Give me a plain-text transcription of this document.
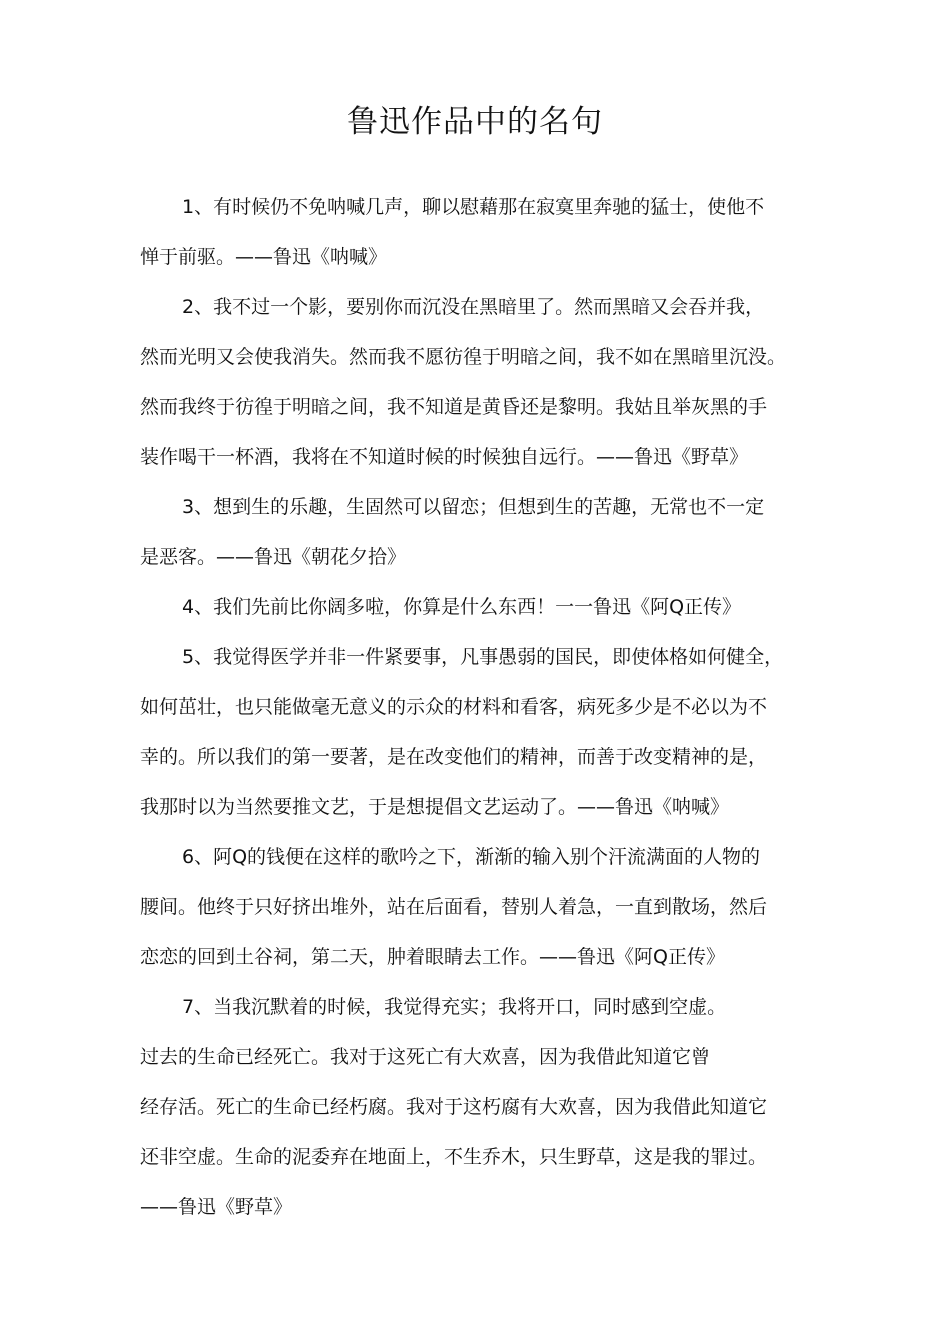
鲁迅作品中的名句
1、有时候仍不免呐喊几声，聊以慰藉那在寂寞里奔驰的猛士，使他不
惮于前驱。——鲁迅《呐喊》
2、我不过一个影，要别你而沉没在黑暗里了。然而黑暗又会吞并我，
然而光明又会使我消失。然而我不愿彷徨于明暗之间，我不如在黑暗里沉没。
然而我终于彷徨于明暗之间，我不知道是黄昏还是黎明。我姑且举灰黑的手
装作喝干一杯酒，我将在不知道时候的时候独自远行。——鲁迅《野草》
3、想到生的乐趣，生固然可以留恋；但想到生的苦趣，无常也不一定
是恶客。——鲁迅《朝花夕拾》
4、我们先前比你阔多啦，你算是什么东西！一一鲁迅《阿Q正传》
5、我觉得医学并非一件紧要事，凡事愚弱的国民，即使体格如何健全，
如何茁壮，也只能做毫无意义的示众的材料和看客，病死多少是不必以为不
幸的。所以我们的第一要著，是在改变他们的精神，而善于改变精神的是，
我那时以为当然要推文艺，于是想提倡文艺运动了。——鲁迅《呐喊》
6、阿Q的钱便在这样的歌吟之下，渐渐的输入别个汗流满面的人物的
腰间。他终于只好挤出堆外，站在后面看，替别人着急，一直到散场，然后
恋恋的回到土谷祠，第二天，肿着眼睛去工作。——鲁迅《阿Q正传》
7、当我沉默着的时候，我觉得充实；我将开口，同时感到空虚。
过去的生命已经死亡。我对于这死亡有大欢喜，因为我借此知道它曾
经存活。死亡的生命已经朽腐。我对于这朽腐有大欢喜，因为我借此知道它
还非空虚。生命的泥委弃在地面上，不生乔木，只生野草，这是我的罪过。
——鲁迅《野草》
